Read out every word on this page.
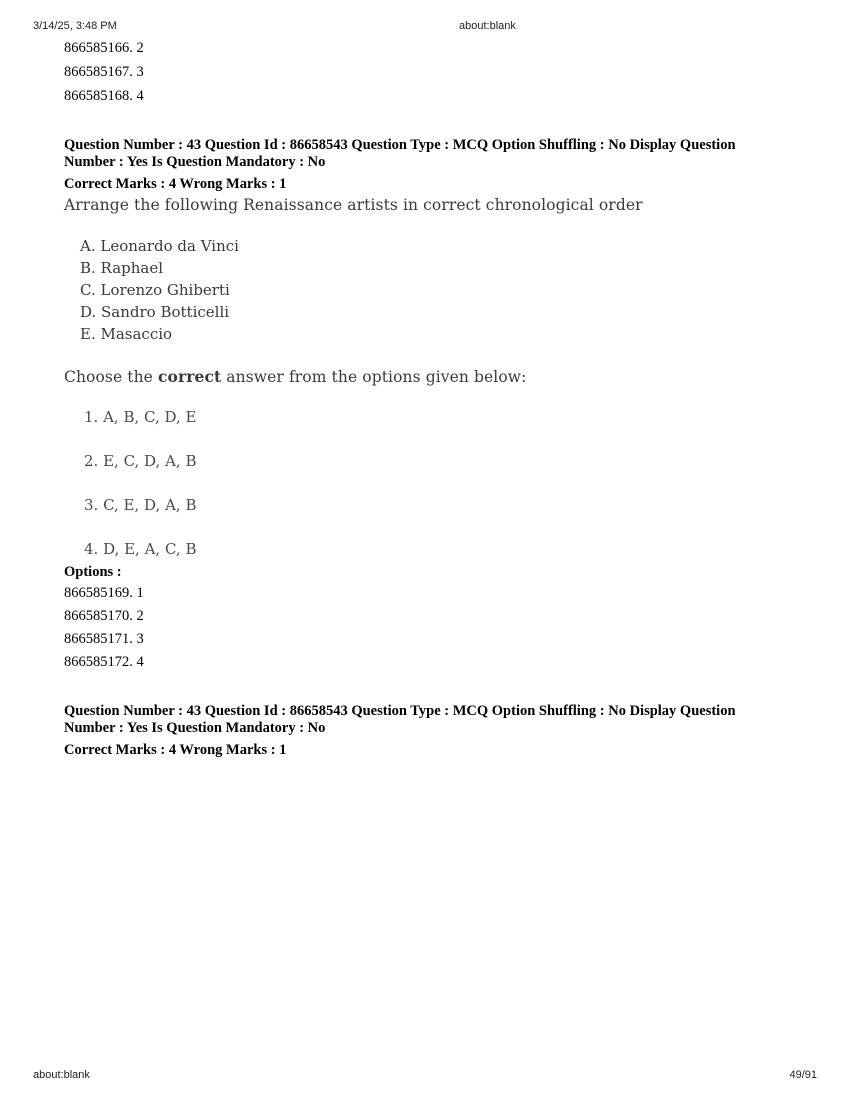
3/14/25, 3:48 PM	about:blank
866585166. 2
866585167. 3
866585168. 4
Question Number : 43 Question Id : 86658543 Question Type : MCQ Option Shuffling : No Display Question
Number : Yes Is Question Mandatory : No
Correct Marks : 4 Wrong Marks : 1
Arrange the following Renaissance artists in correct chronological order
A. Leonardo da Vinci
B. Raphael
C. Lorenzo Ghiberti
D. Sandro Botticelli
E. Masaccio
Choose the correct answer from the options given below:
1. A, B, C, D, E
2. E, C, D, A, B
3. C, E, D, A, B
4. D, E, A, C, B
Options :
866585169. 1
866585170. 2
866585171. 3
866585172. 4
Question Number : 43 Question Id : 86658543 Question Type : MCQ Option Shuffling : No Display Question
Number : Yes Is Question Mandatory : No
Correct Marks : 4 Wrong Marks : 1
about:blank	49/91
